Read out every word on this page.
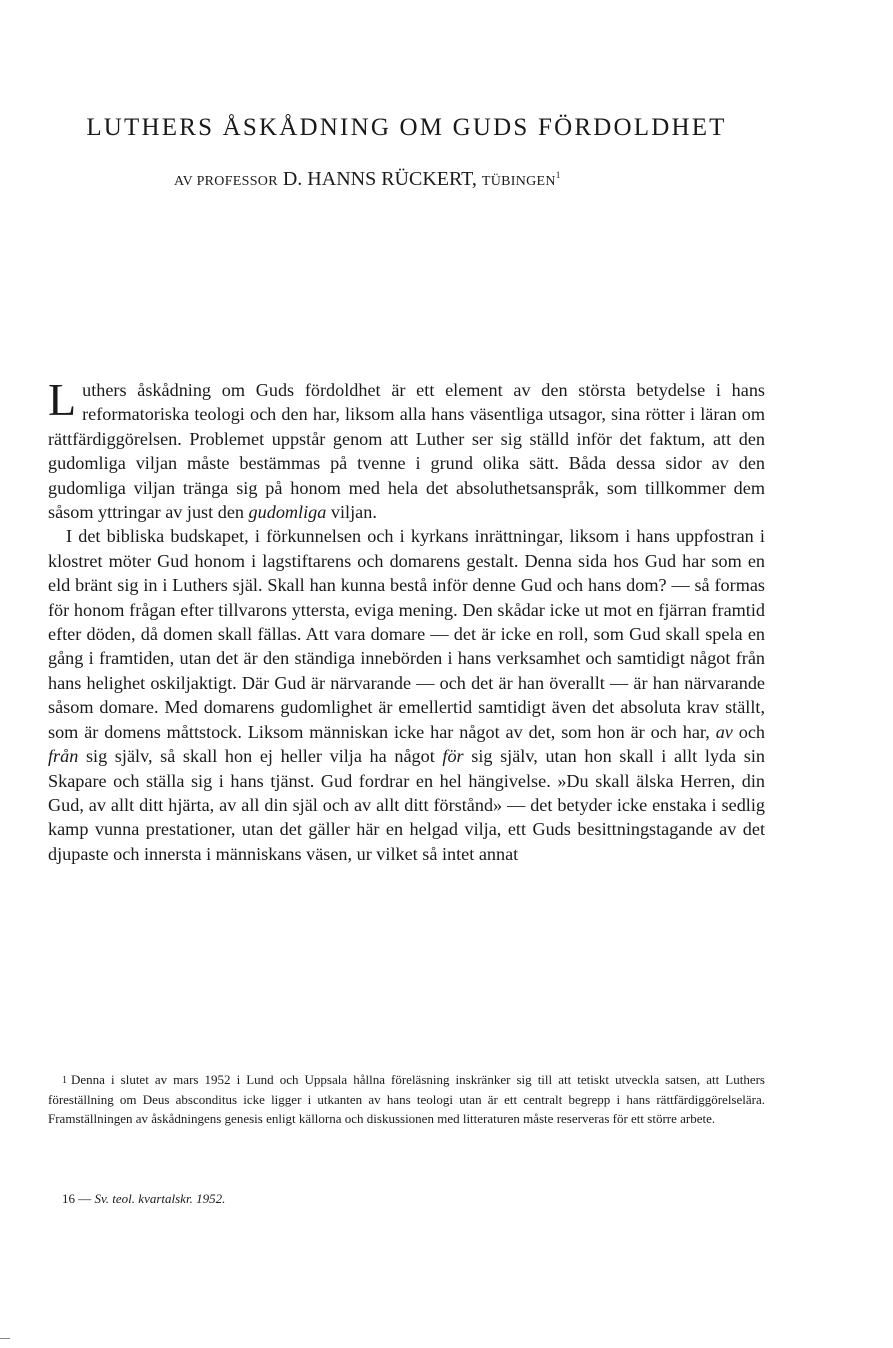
LUTHERS ÅSKÅDNING OM GUDS FÖRDOLDHET
AV PROFESSOR D. HANNS RÜCKERT, TÜBINGEN$^1$

Luthers åskådning om Guds fördoldhet är ett element av den största betydelse i hans reformatoriska teologi och den har, liksom alla hans väsentliga utsagor, sina rötter i läran om rättfärdiggörelsen. Problemet uppstår genom att Luther ser sig ställd inför det faktum, att den gudomliga viljan måste bestämmas på tvenne i grund olika sätt. Båda dessa sidor av den gudomliga viljan tränga sig på honom med hela det absoluthetsanspråk, som tillkommer dem såsom yttringar av just den gudomliga viljan.

I det bibliska budskapet, i förkunnelsen och i kyrkans inrättningar, liksom i hans uppfostran i klostret möter Gud honom i lagstiftarens och domarens gestalt. Denna sida hos Gud har som en eld bränt sig in i Luthers själ. Skall han kunna bestå inför denne Gud och hans dom? — så formas för honom frågan efter tillvarons yttersta, eviga mening. Den skådar icke ut mot en fjärran framtid efter döden, då domen skall fällas. Att vara domare — det är icke en roll, som Gud skall spela en gång i framtiden, utan det är den ständiga innebörden i hans verksamhet och samtidigt något från hans helighet oskiljaktigt. Där Gud är närvarande — och det är han överallt — är han närvarande såsom domare. Med domarens gudomlighet är emellertid samtidigt även det absoluta krav ställt, som är domens måttstock. Liksom människan icke har något av det, som hon är och har, av och från sig själv, så skall hon ej heller vilja ha något för sig själv, utan hon skall i allt lyda sin Skapare och ställa sig i hans tjänst. Gud fordrar en hel hängivelse. »Du skall älska Herren, din Gud, av allt ditt hjärta, av all din själ och av allt ditt förstånd» — det betyder icke enstaka i sedlig kamp vunna prestationer, utan det gäller här en helgad vilja, ett Guds besittningstagande av det djupaste och innersta i människans väsen, ur vilket så intet annat

$^1$ Denna i slutet av mars 1952 i Lund och Uppsala hållna föreläsning inskränker sig till att tetiskt utveckla satsen, att Luthers föreställning om Deus absconditus icke ligger i utkanten av hans teologi utan är ett centralt begrepp i hans rättfärdiggörelselära. Framställningen av åskådningens genesis enligt källorna och diskussionen med litteraturen måste reserveras för ett större arbete.

16 — Sv. teol. kvartalskr. 1952.
